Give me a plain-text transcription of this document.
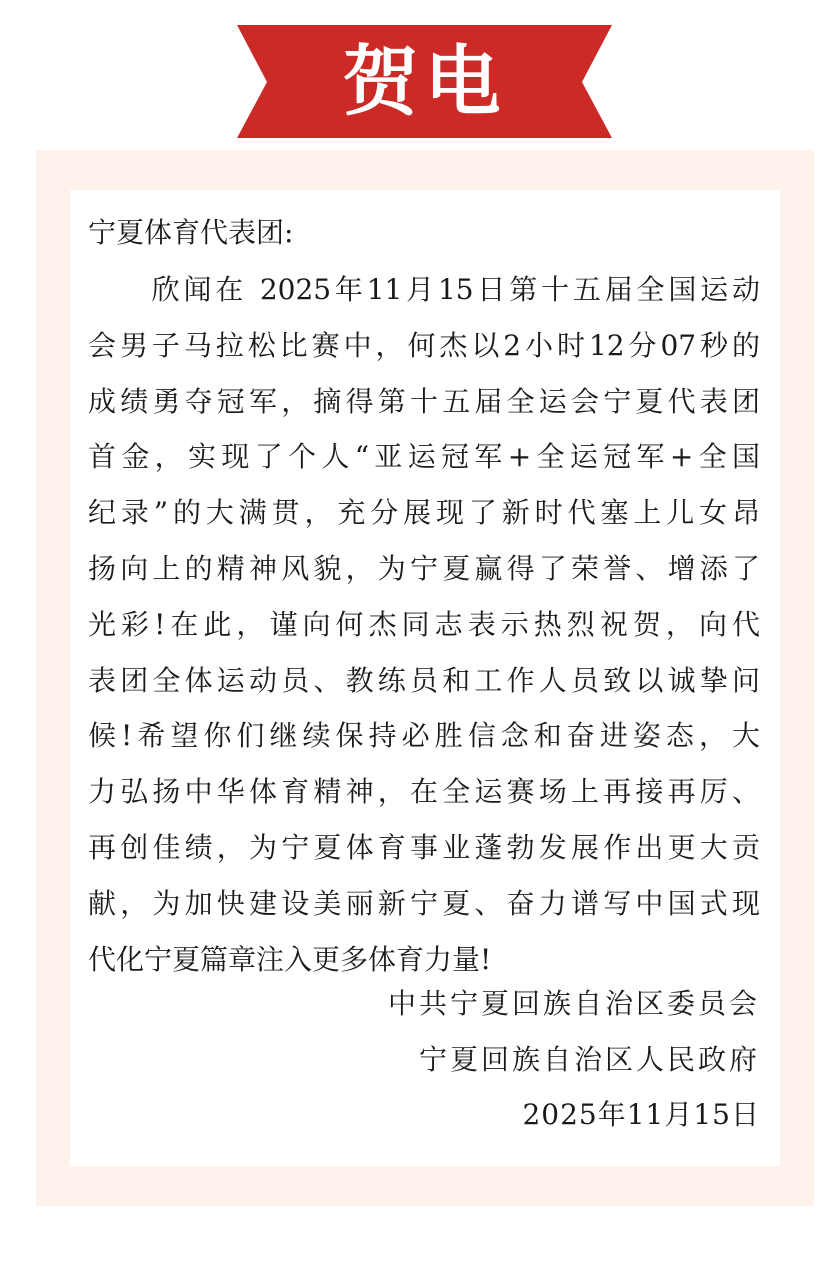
贺电
宁夏体育代表团:
　　欣闻在 2025年11月15日第十五届全国运动
会男子马拉松比赛中，何杰以2小时12分07秒的
成绩勇夺冠军，摘得第十五届全运会宁夏代表团
首金，实现了个人“亚运冠军+全运冠军+全国
纪录”的大满贯，充分展现了新时代塞上儿女昂
扬向上的精神风貌，为宁夏赢得了荣誉、增添了
光彩!在此，谨向何杰同志表示热烈祝贺，向代
表团全体运动员、教练员和工作人员致以诚挚问
候!希望你们继续保持必胜信念和奋进姿态，大
力弘扬中华体育精神，在全运赛场上再接再厉、
再创佳绩，为宁夏体育事业蓬勃发展作出更大贡
献，为加快建设美丽新宁夏、奋力谱写中国式现
代化宁夏篇章注入更多体育力量!
中共宁夏回族自治区委员会
宁夏回族自治区人民政府
2025年11月15日
